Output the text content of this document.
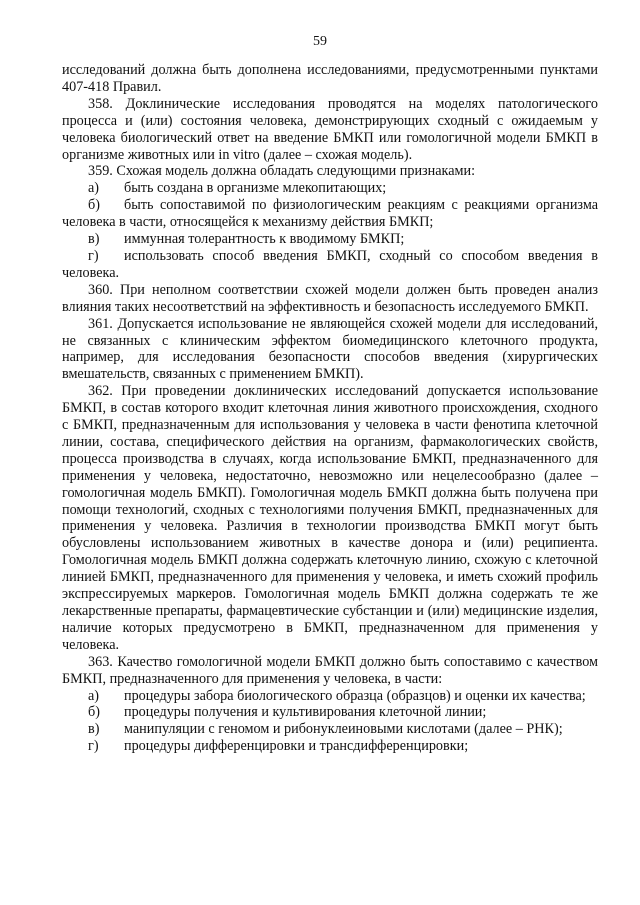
59

исследований должна быть дополнена исследованиями, предусмотренными пунктами 407-418 Правил.

358. Доклинические исследования проводятся на моделях патологического процесса и (или) состояния человека, демонстрирующих сходный с ожидаемым у человека биологический ответ на введение БМКП или гомологичной модели БМКП в организме животных или in vitro (далее – схожая модель).

359. Схожая модель должна обладать следующими признаками:

а) быть создана в организме млекопитающих;

б) быть сопоставимой по физиологическим реакциям с реакциями организма человека в части, относящейся к механизму действия БМКП;

в) иммунная толерантность к вводимому БМКП;

г) использовать способ введения БМКП, сходный со способом введения в человека.

360. При неполном соответствии схожей модели должен быть проведен анализ влияния таких несоответствий на эффективность и безопасность исследуемого БМКП.

361. Допускается использование не являющейся схожей модели для исследований, не связанных с клиническим эффектом биомедицинского клеточного продукта, например, для исследования безопасности способов введения (хирургических вмешательств, связанных с применением БМКП).

362. При проведении доклинических исследований допускается использование БМКП, в состав которого входит клеточная линия животного происхождения, сходного с БМКП, предназначенным для использования у человека в части фенотипа клеточной линии, состава, специфического действия на организм, фармакологических свойств, процесса производства в случаях, когда использование БМКП, предназначенного для применения у человека, недостаточно, невозможно или нецелесообразно (далее – гомологичная модель БМКП). Гомологичная модель БМКП должна быть получена при помощи технологий, сходных с технологиями получения БМКП, предназначенных для применения у человека. Различия в технологии производства БМКП могут быть обусловлены использованием животных в качестве донора и (или) реципиента. Гомологичная модель БМКП должна содержать клеточную линию, схожую с клеточной линией БМКП, предназначенного для применения у человека, и иметь схожий профиль экспрессируемых маркеров. Гомологичная модель БМКП должна содержать те же лекарственные препараты, фармацевтические субстанции и (или) медицинские изделия, наличие которых предусмотрено в БМКП, предназначенном для применения у человека.

363. Качество гомологичной модели БМКП должно быть сопоставимо с качеством БМКП, предназначенного для применения у человека, в части:

а) процедуры забора биологического образца (образцов) и оценки их качества;

б) процедуры получения и культивирования клеточной линии;

в) манипуляции с геномом и рибонуклеиновыми кислотами (далее – РНК);

г) процедуры дифференцировки и трансдифференцировки;
